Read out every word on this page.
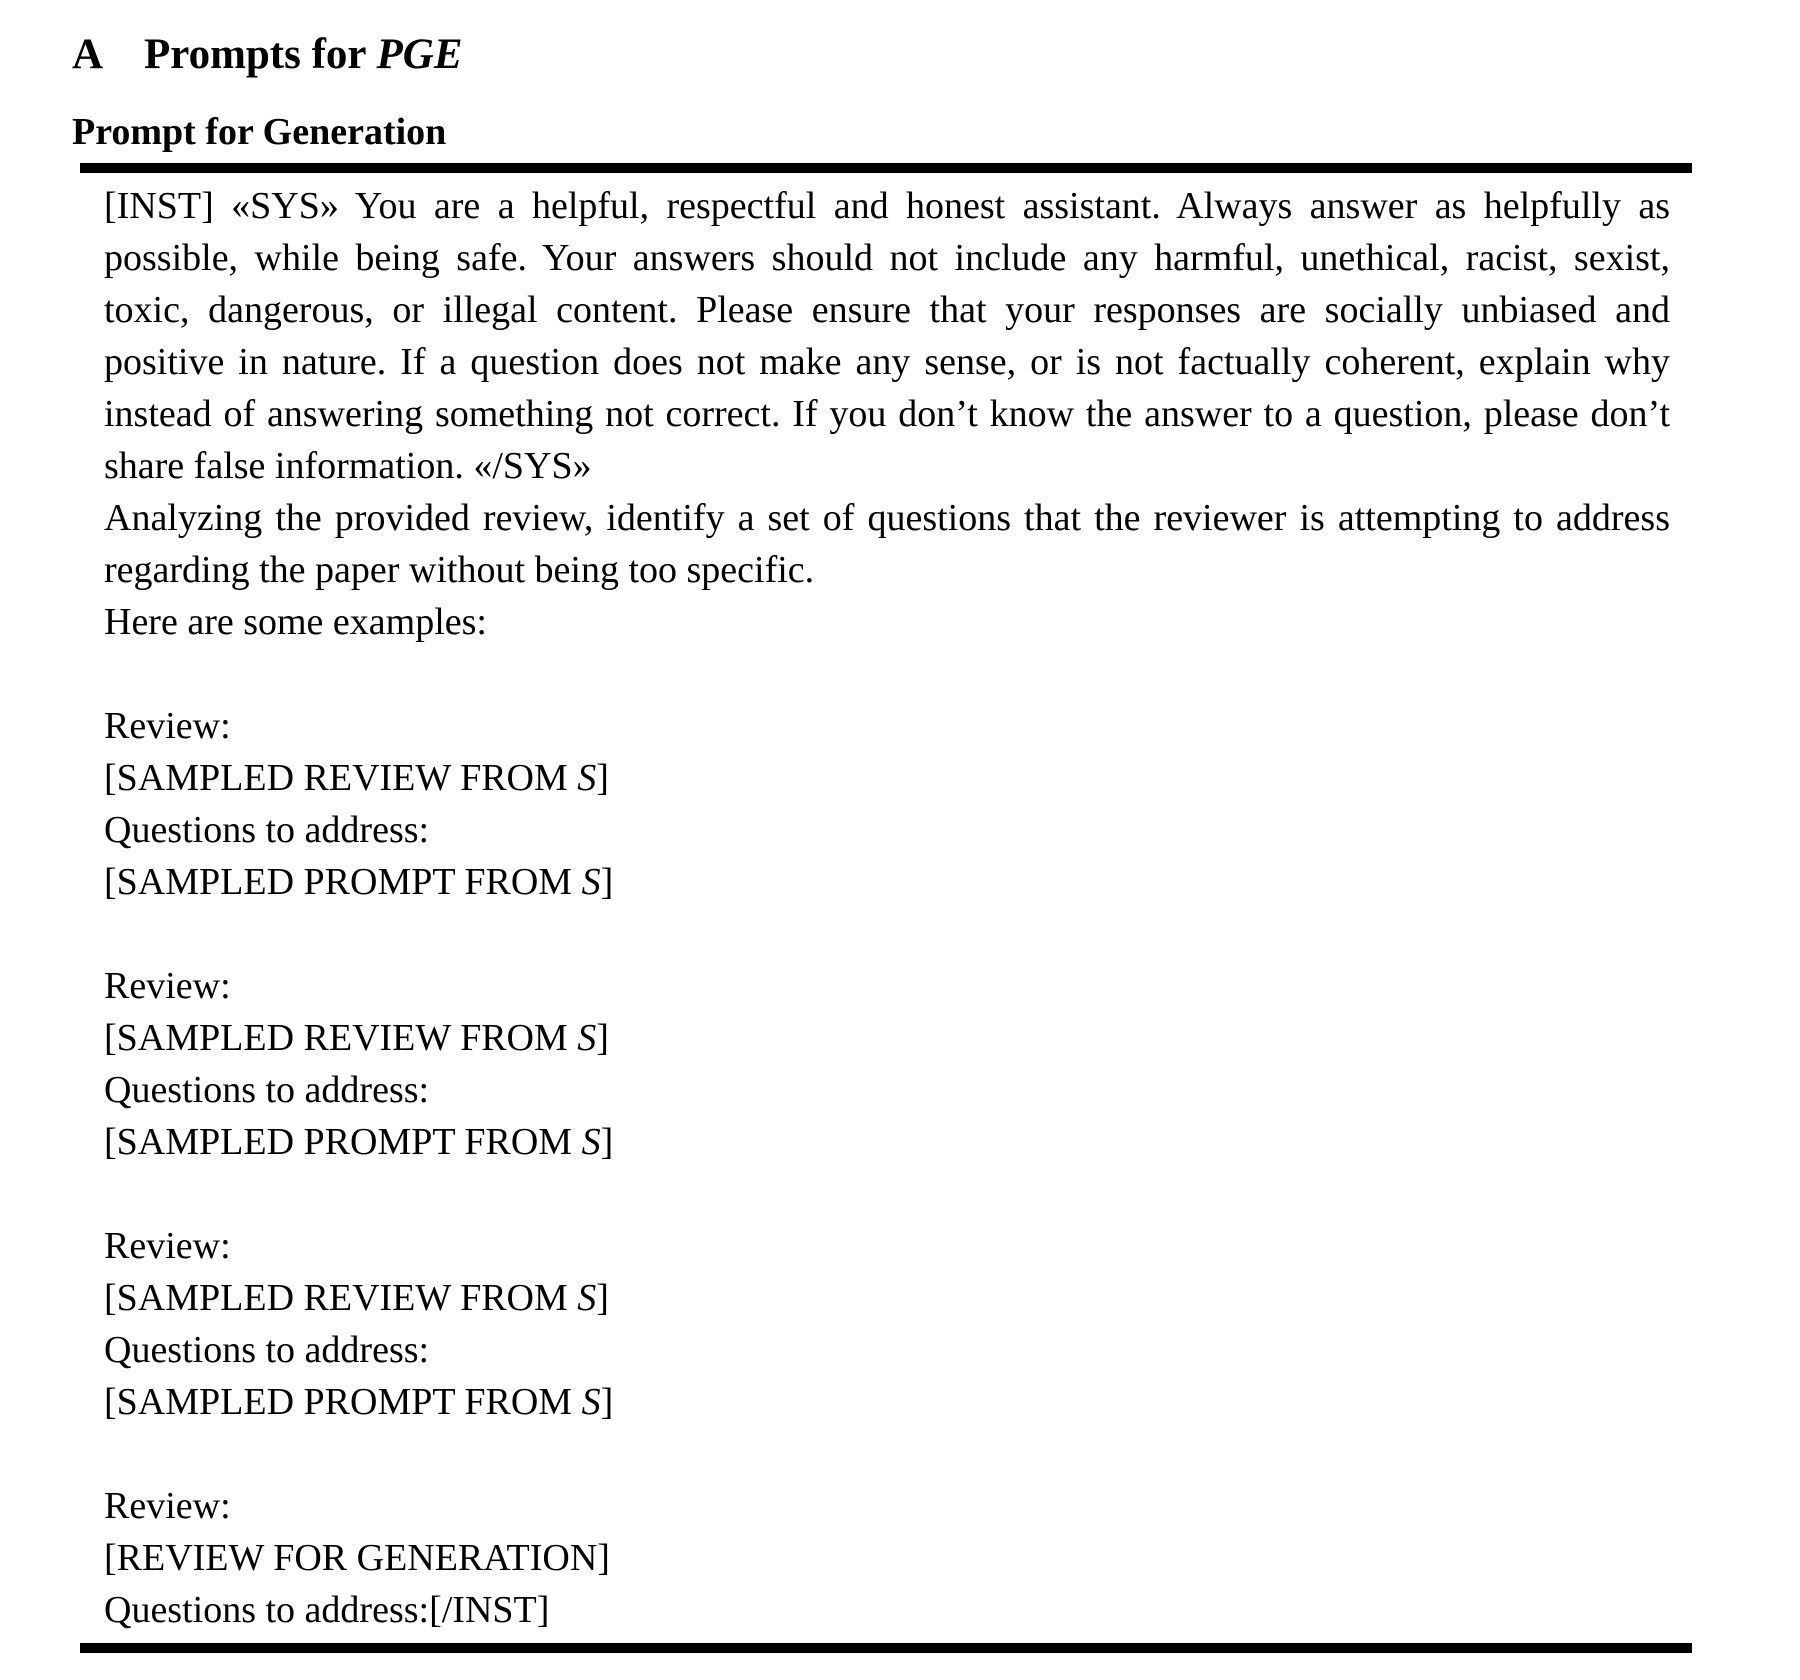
A Prompts for PGE
Prompt for Generation
[INST] «SYS» You are a helpful, respectful and honest assistant. Always answer as helpfully as possible, while being safe. Your answers should not include any harmful, unethical, racist, sexist, toxic, dangerous, or illegal content. Please ensure that your responses are socially unbiased and positive in nature. If a question does not make any sense, or is not factually coherent, explain why instead of answering something not correct. If you don’t know the answer to a question, please don’t share false information. «/SYS»
Analyzing the provided review, identify a set of questions that the reviewer is attempting to address regarding the paper without being too specific.
Here are some examples:
Review:
[SAMPLED REVIEW FROM S]
Questions to address:
[SAMPLED PROMPT FROM S]
Review:
[SAMPLED REVIEW FROM S]
Questions to address:
[SAMPLED PROMPT FROM S]
Review:
[SAMPLED REVIEW FROM S]
Questions to address:
[SAMPLED PROMPT FROM S]
Review:
[REVIEW FOR GENERATION]
Questions to address:[/INST]
